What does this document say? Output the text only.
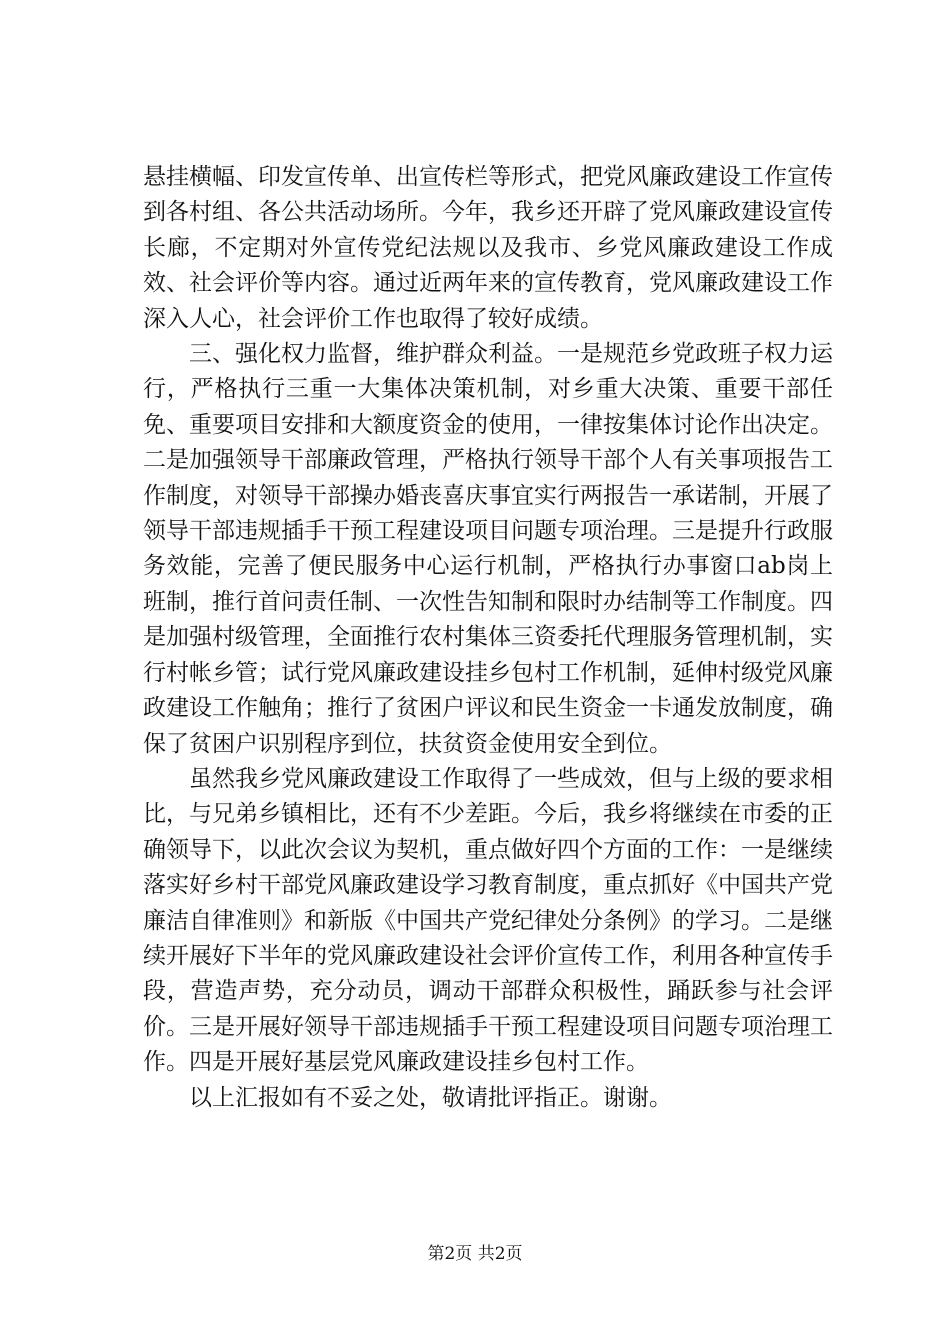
悬挂横幅、印发宣传单、出宣传栏等形式，把党风廉政建设工作宣传到各村组、各公共活动场所。今年，我乡还开辟了党风廉政建设宣传长廊，不定期对外宣传党纪法规以及我市、乡党风廉政建设工作成效、社会评价等内容。通过近两年来的宣传教育，党风廉政建设工作深入人心，社会评价工作也取得了较好成绩。

三、强化权力监督，维护群众利益。一是规范乡党政班子权力运行，严格执行三重一大集体决策机制，对乡重大决策、重要干部任免、重要项目安排和大额度资金的使用，一律按集体讨论作出决定。二是加强领导干部廉政管理，严格执行领导干部个人有关事项报告工作制度，对领导干部操办婚丧喜庆事宜实行两报告一承诺制，开展了领导干部违规插手干预工程建设项目问题专项治理。三是提升行政服务效能，完善了便民服务中心运行机制，严格执行办事窗口ab岗上班制，推行首问责任制、一次性告知制和限时办结制等工作制度。四是加强村级管理，全面推行农村集体三资委托代理服务管理机制，实行村帐乡管；试行党风廉政建设挂乡包村工作机制，延伸村级党风廉政建设工作触角；推行了贫困户评议和民生资金一卡通发放制度，确保了贫困户识别程序到位，扶贫资金使用安全到位。

虽然我乡党风廉政建设工作取得了一些成效，但与上级的要求相比，与兄弟乡镇相比，还有不少差距。今后，我乡将继续在市委的正确领导下，以此次会议为契机，重点做好四个方面的工作：一是继续落实好乡村干部党风廉政建设学习教育制度，重点抓好《中国共产党廉洁自律准则》和新版《中国共产党纪律处分条例》的学习。二是继续开展好下半年的党风廉政建设社会评价宣传工作，利用各种宣传手段，营造声势，充分动员，调动干部群众积极性，踊跃参与社会评价。三是开展好领导干部违规插手干预工程建设项目问题专项治理工作。四是开展好基层党风廉政建设挂乡包村工作。

以上汇报如有不妥之处，敬请批评指正。谢谢。

第2页 共2页
